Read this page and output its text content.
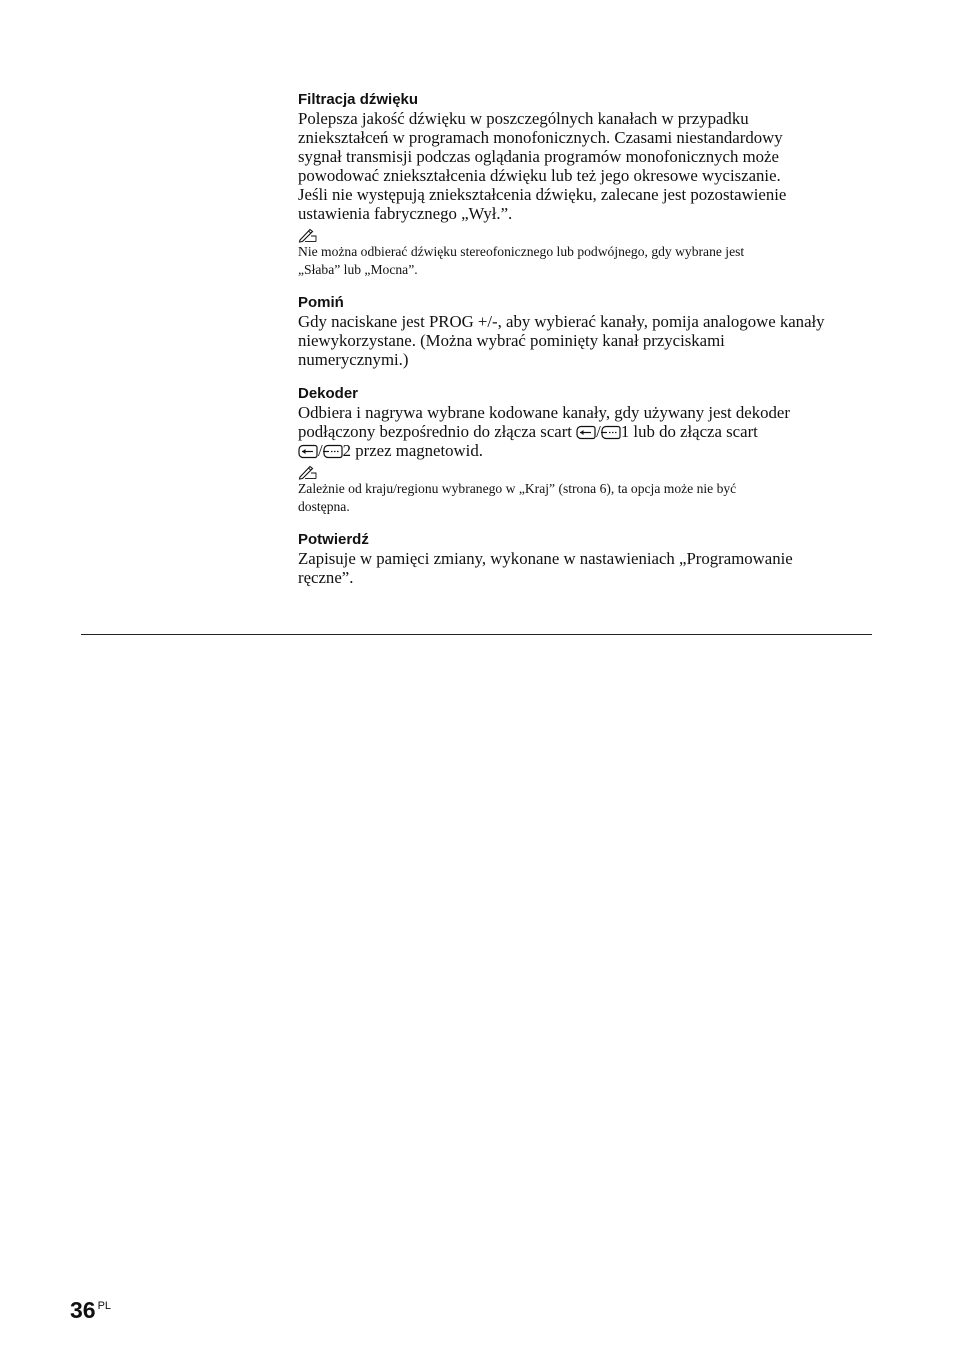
Filtracja dźwięku

Polepsza jakość dźwięku w poszczególnych kanałach w przypadku
zniekształceń w programach monofonicznych. Czasami niestandardowy
sygnał transmisji podczas oglądania programów monofonicznych może
powodować zniekształcenia dźwięku lub też jego okresowe wyciszanie.
Jeśli nie występują zniekształcenia dźwięku, zalecane jest pozostawienie
ustawienia fabrycznego „Wył.”.

Nie można odbierać dźwięku stereofonicznego lub podwójnego, gdy wybrane jest
„Słaba” lub „Mocna”.

Pomiń

Gdy naciskane jest PROG +/-, aby wybierać kanały, pomija analogowe kanały
niewykorzystane. (Można wybrać pominięty kanał przyciskami
numerycznymi.)

Dekoder

Odbiera i nagrywa wybrane kodowane kanały, gdy używany jest dekoder
podłączony bezpośrednio do złącza scart / 1 lub do złącza scart
/ 2 przez magnetowid.

Zależnie od kraju/regionu wybranego w „Kraj” (strona 6), ta opcja może nie być
dostępna.

Potwierdź

Zapisuje w pamięci zmiany, wykonane w nastawieniach „Programowanie
ręczne”.

36 $^{PL}$
